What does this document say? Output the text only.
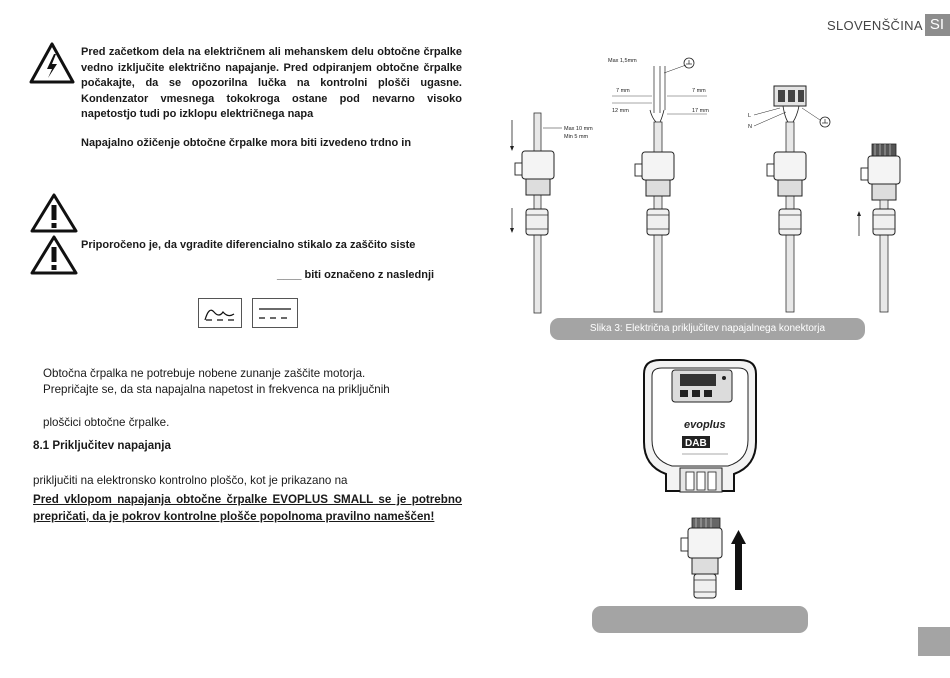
SLOVENŠČINA SI
Pred začetkom dela na električnem ali mehanskem delu obtočne črpalke vedno izključite električno napajanje. Pred odpiranjem obtočne črpalke počakajte, da se opozorilna lučka na kontrolni plošči ugasne. Kondenzator vmesnega tokokroga ostane pod nevarno visoko napetostjo tudi po izklopu električnega napa
Napajalno ožičenje obtočne črpalke mora biti izvedeno trdno in
Priporočeno je, da vgradite diferencialno stikalo za zaščito siste
____ biti označeno z naslednji
Obtočna črpalka ne potrebuje nobene zunanje zaščite motorja.
Prepričajte se, da sta napajalna napetost in frekvenca na priključnih
ploščici obtočne črpalke.
8.1 Priključitev napajanja
priključiti na elektronsko kontrolno ploščo, kot je prikazano na
Pred vklopom napajanja obtočne črpalke EVOPLUS SMALL se je potrebno prepričati, da je pokrov kontrolne plošče popolnoma pravilno nameščen!
Max 10 mm
Min 5 mm
Max 1,5mm
7 mm	7 mm
12 mm	17 mm
L
N
Slika 3: Električna priključitev napajalnega konektorja
evoplus
DAB
